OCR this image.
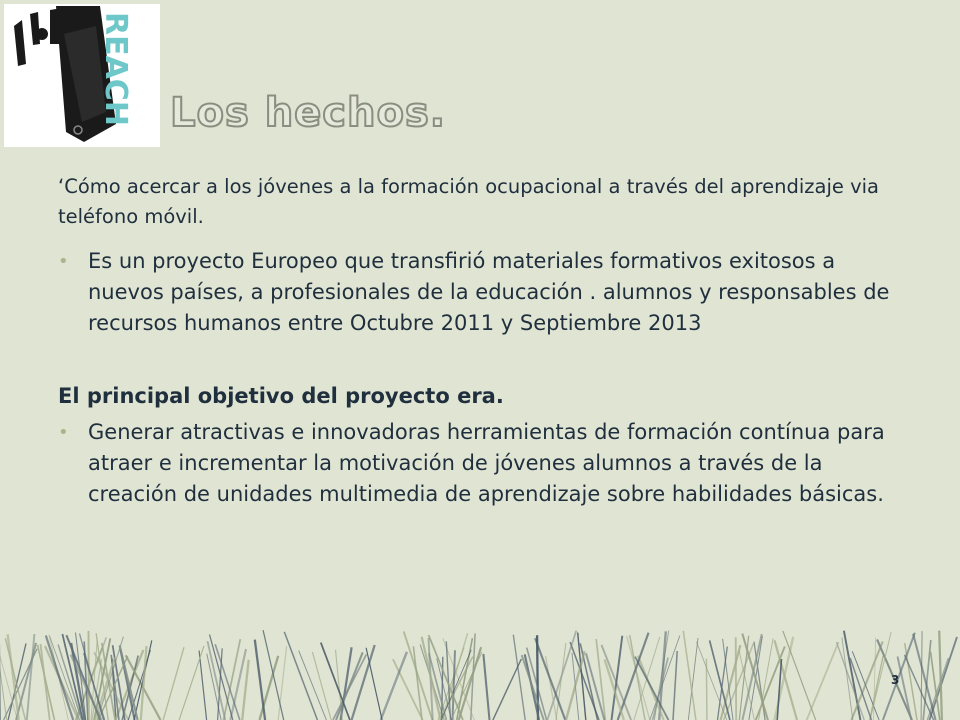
REACH Los hechos.

‘Cómo acercar a los jóvenes a la formación ocupacional a través del aprendizaje via teléfono móvil.

• Es un proyecto Europeo que transfirió materiales formativos exitosos a nuevos países, a profesionales de la educación . alumnos y responsables de recursos humanos entre Octubre 2011 y Septiembre 2013
El principal objetivo del proyecto era.
• Generar atractivas e innovadoras herramientas de formación contínua para atraer e incrementar la motivación de jóvenes alumnos a través de la creación de unidades multimedia de aprendizaje sobre habilidades básicas.
3
